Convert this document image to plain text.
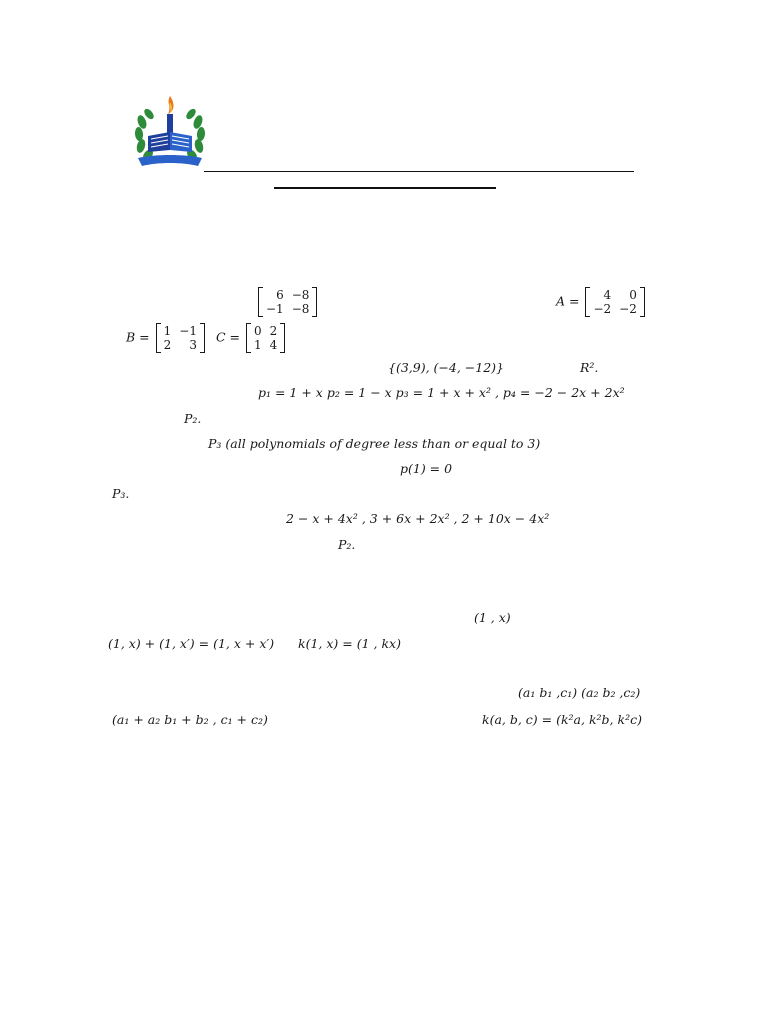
6	−8
−1	−8
A = 4	0
−2	−2
B = 1	−1
2	3
C = 0	2
1	4
{(3,9), (−4, −12)}	R².
p₁ = 1 + x p₂ = 1 − x p₃ = 1 + x + x² , p₄ = −2 − 2x + 2x²
P₂.
P₃ (all polynomials of degree less than or equal to 3)
p(1) = 0
P₃.
2 − x + 4x² , 3 + 6x + 2x² , 2 + 10x − 4x²
P₂.
(1 , x)
(1, x) + (1, x′) = (1, x + x′) k(1, x) = (1 , kx)
(a₁ b₁ ,c₁) (a₂ b₂ ,c₂)
(a₁ + a₂ b₁ + b₂ , c₁ + c₂)	k(a, b, c) = (k²a, k²b, k²c)
